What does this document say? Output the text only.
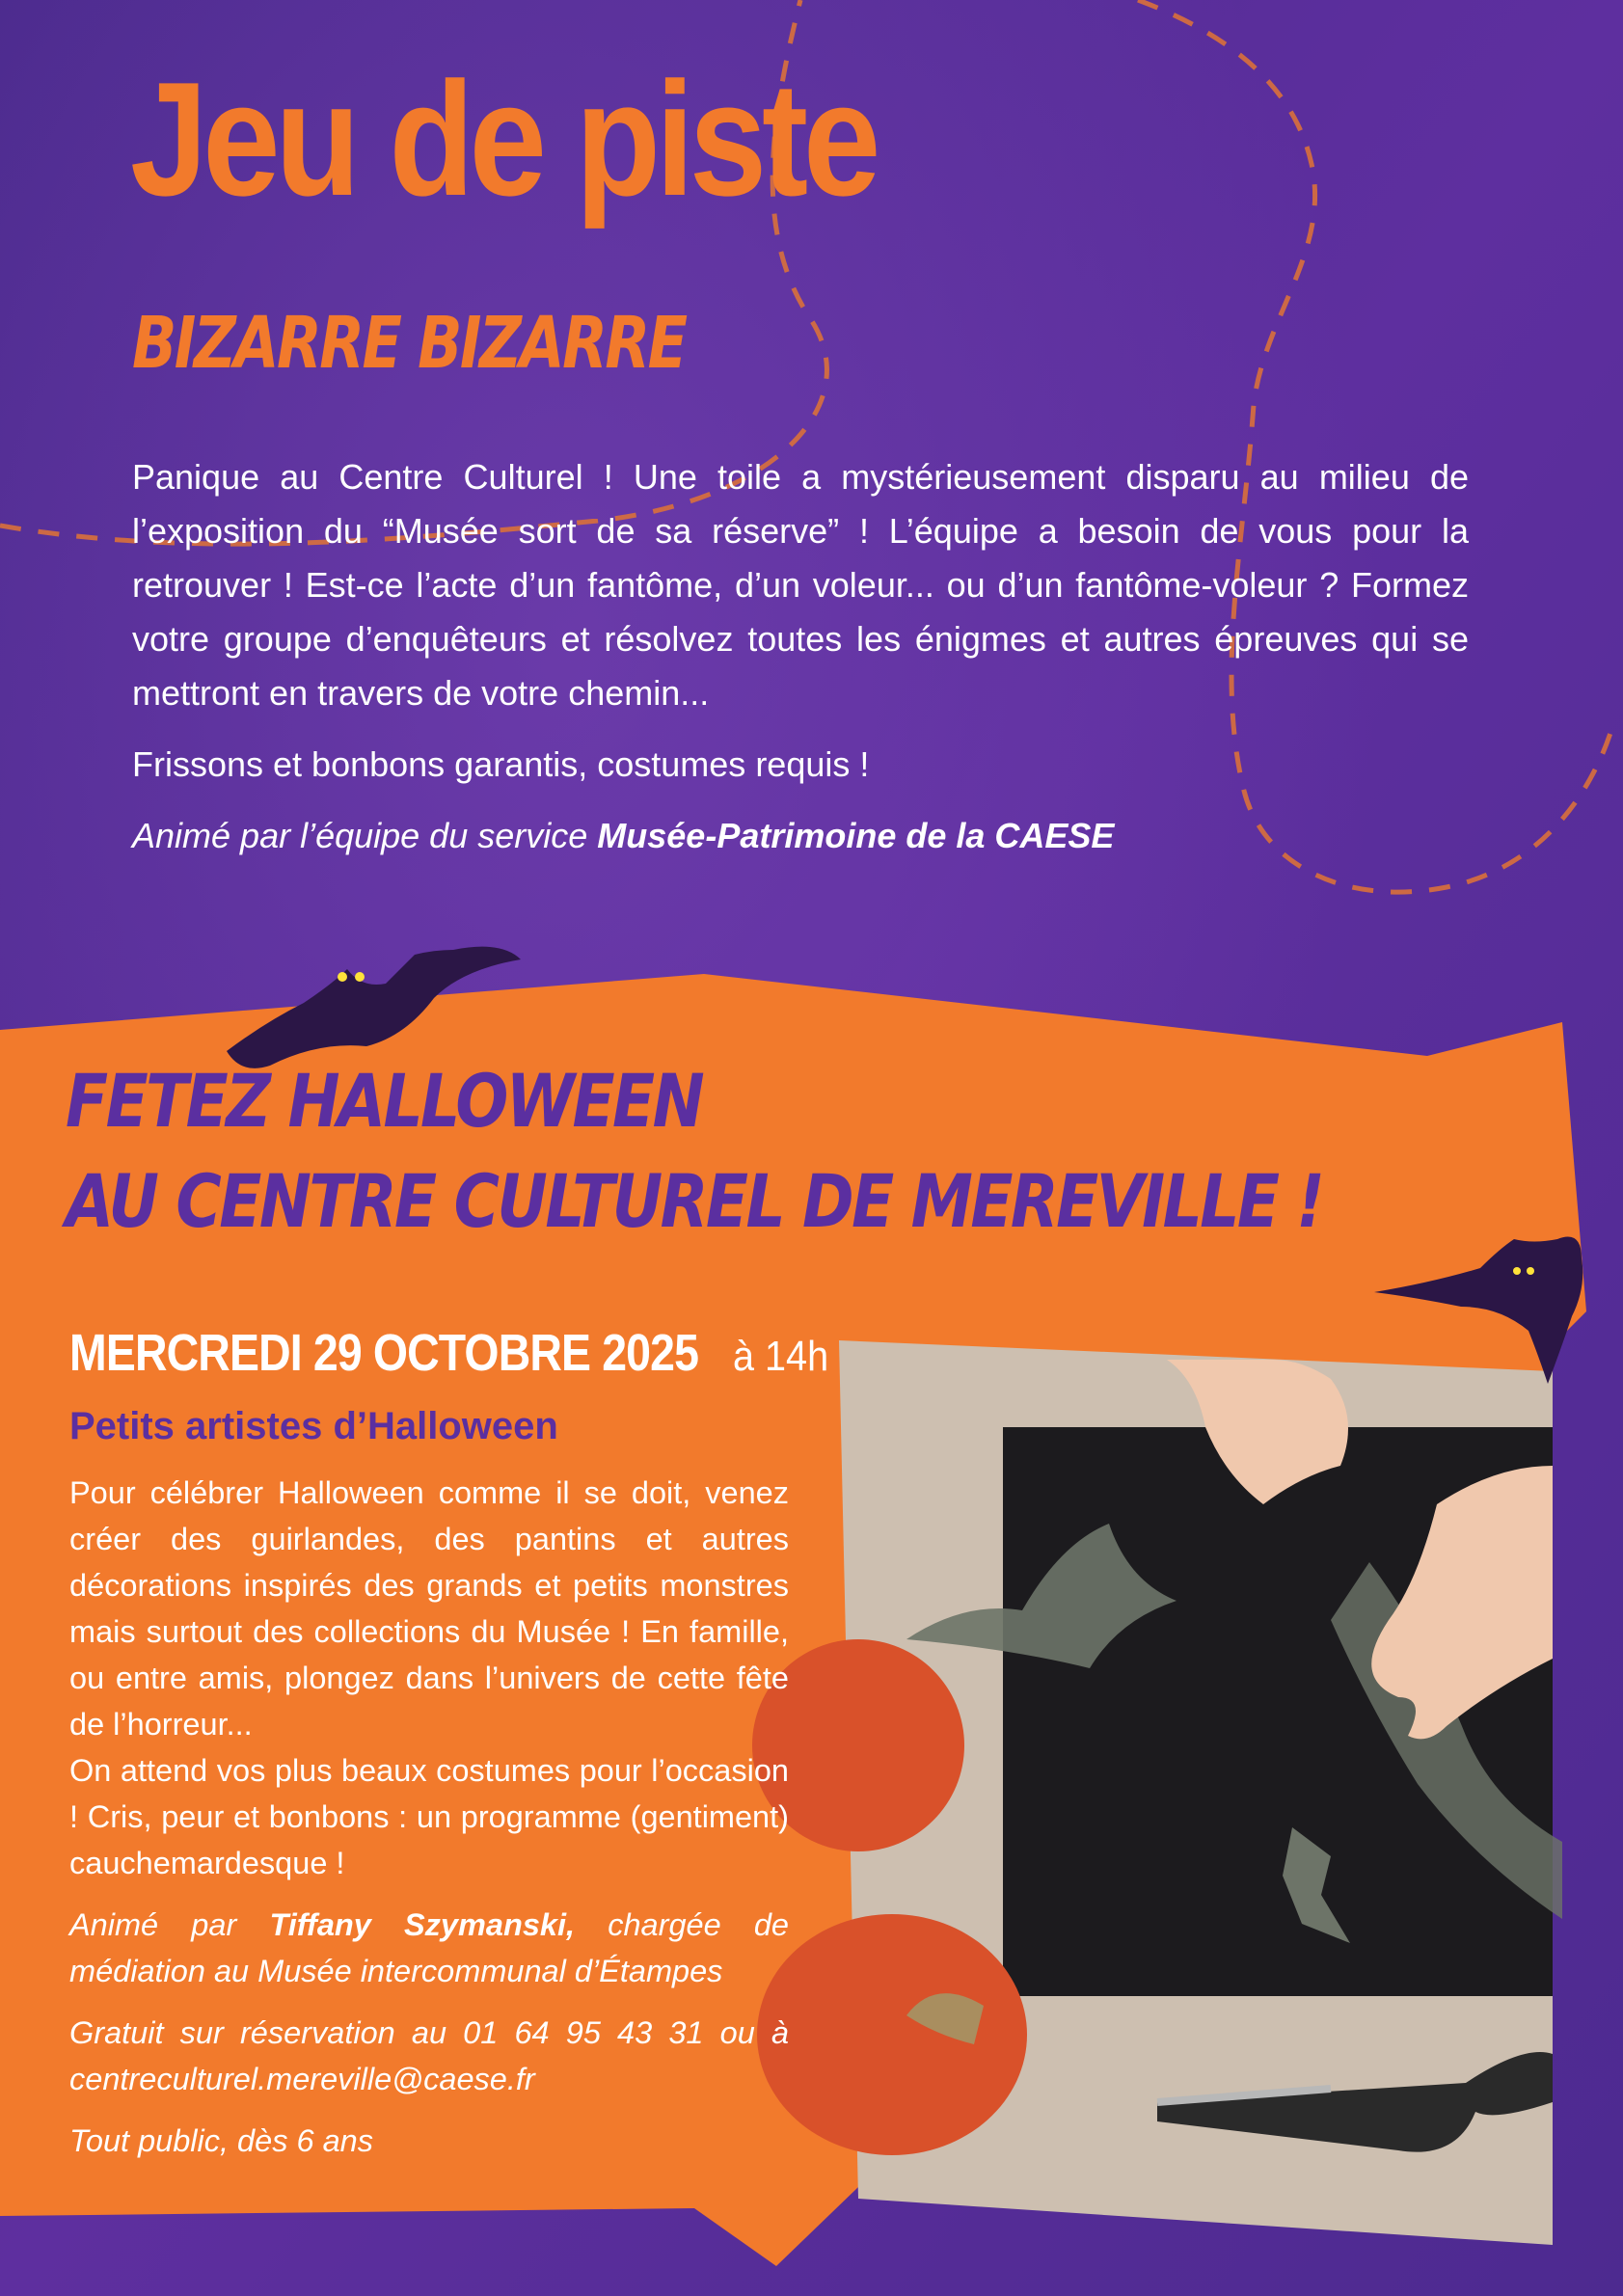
Jeu de piste
BIZARRE BIZARRE

Panique au Centre Culturel ! Une toile a mystérieusement disparu au milieu de l’exposition du “Musée sort de sa réserve” ! L’équipe a besoin de vous pour la retrouver ! Est-ce l’acte d’un fantôme, d’un voleur... ou d’un fantôme-voleur ? Formez votre groupe d’enquêteurs et résolvez toutes les énigmes et autres épreuves qui se mettront en travers de votre chemin...

Frissons et bonbons garantis, costumes requis !

Animé par l’équipe du service Musée-Patrimoine de la CAESE

FETEZ HALLOWEEN
AU CENTRE CULTUREL DE MEREVILLE !
MERCREDI 29 OCTOBRE 2025 à 14h
Petits artistes d’Halloween

Pour célébrer Halloween comme il se doit, venez créer des guirlandes, des pantins et autres décorations inspirés des grands et petits monstres mais surtout des collections du Musée ! En famille, ou entre amis, plongez dans l’univers de cette fête de l’horreur...

On attend vos plus beaux costumes pour l’occasion ! Cris, peur et bonbons : un programme (gentiment) cauchemardesque !

Animé par Tiffany Szymanski, chargée de médiation au Musée intercommunal d’Étampes

Gratuit sur réservation au 01 64 95 43 31 ou à centreculturel.mereville@caese.fr

Tout public, dès 6 ans
